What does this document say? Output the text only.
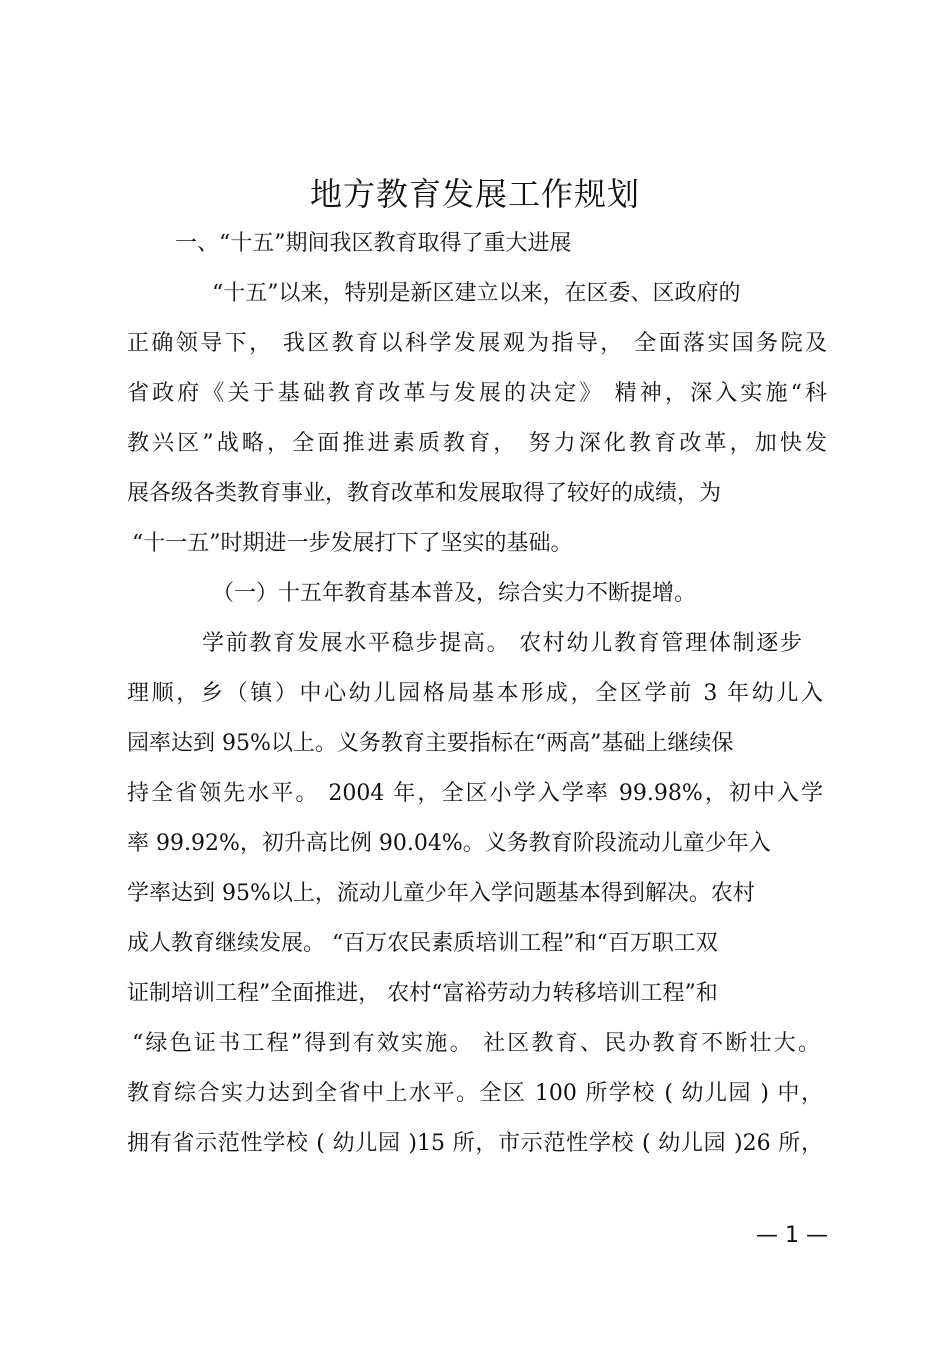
地方教育发展工作规划
一、“十五”期间我区教育取得了重大进展
“十五”以来，特别是新区建立以来，在区委、区政府的
正确领导下， 我区教育以科学发展观为指导， 全面落实国务院及
省政府《关于基础教育改革与发展的决定》 精神，深入实施“科
教兴区”战略，全面推进素质教育， 努力深化教育改革，加快发
展各级各类教育事业，教育改革和发展取得了较好的成绩，为
“十一五”时期进一步发展打下了坚实的基础。
（一）十五年教育基本普及，综合实力不断提增。
学前教育发展水平稳步提高。 农村幼儿教育管理体制逐步
理顺，乡（镇）中心幼儿园格局基本形成，全区学前 3 年幼儿入
园率达到 95%以上。义务教育主要指标在“两高”基础上继续保
持全省领先水平。 2004 年，全区小学入学率 99.98%，初中入学
率 99.92%，初升高比例 90.04%。义务教育阶段流动儿童少年入
学率达到 95%以上，流动儿童少年入学问题基本得到解决。农村
成人教育继续发展。 “百万农民素质培训工程”和“百万职工双
证制培训工程”全面推进， 农村“富裕劳动力转移培训工程”和
“绿色证书工程”得到有效实施。 社区教育、民办教育不断壮大。
教育综合实力达到全省中上水平。全区 100 所学校 ( 幼儿园 ) 中，
拥有省示范性学校 ( 幼儿园 )15 所，市示范性学校 ( 幼儿园 )26 所，
— 1 —
